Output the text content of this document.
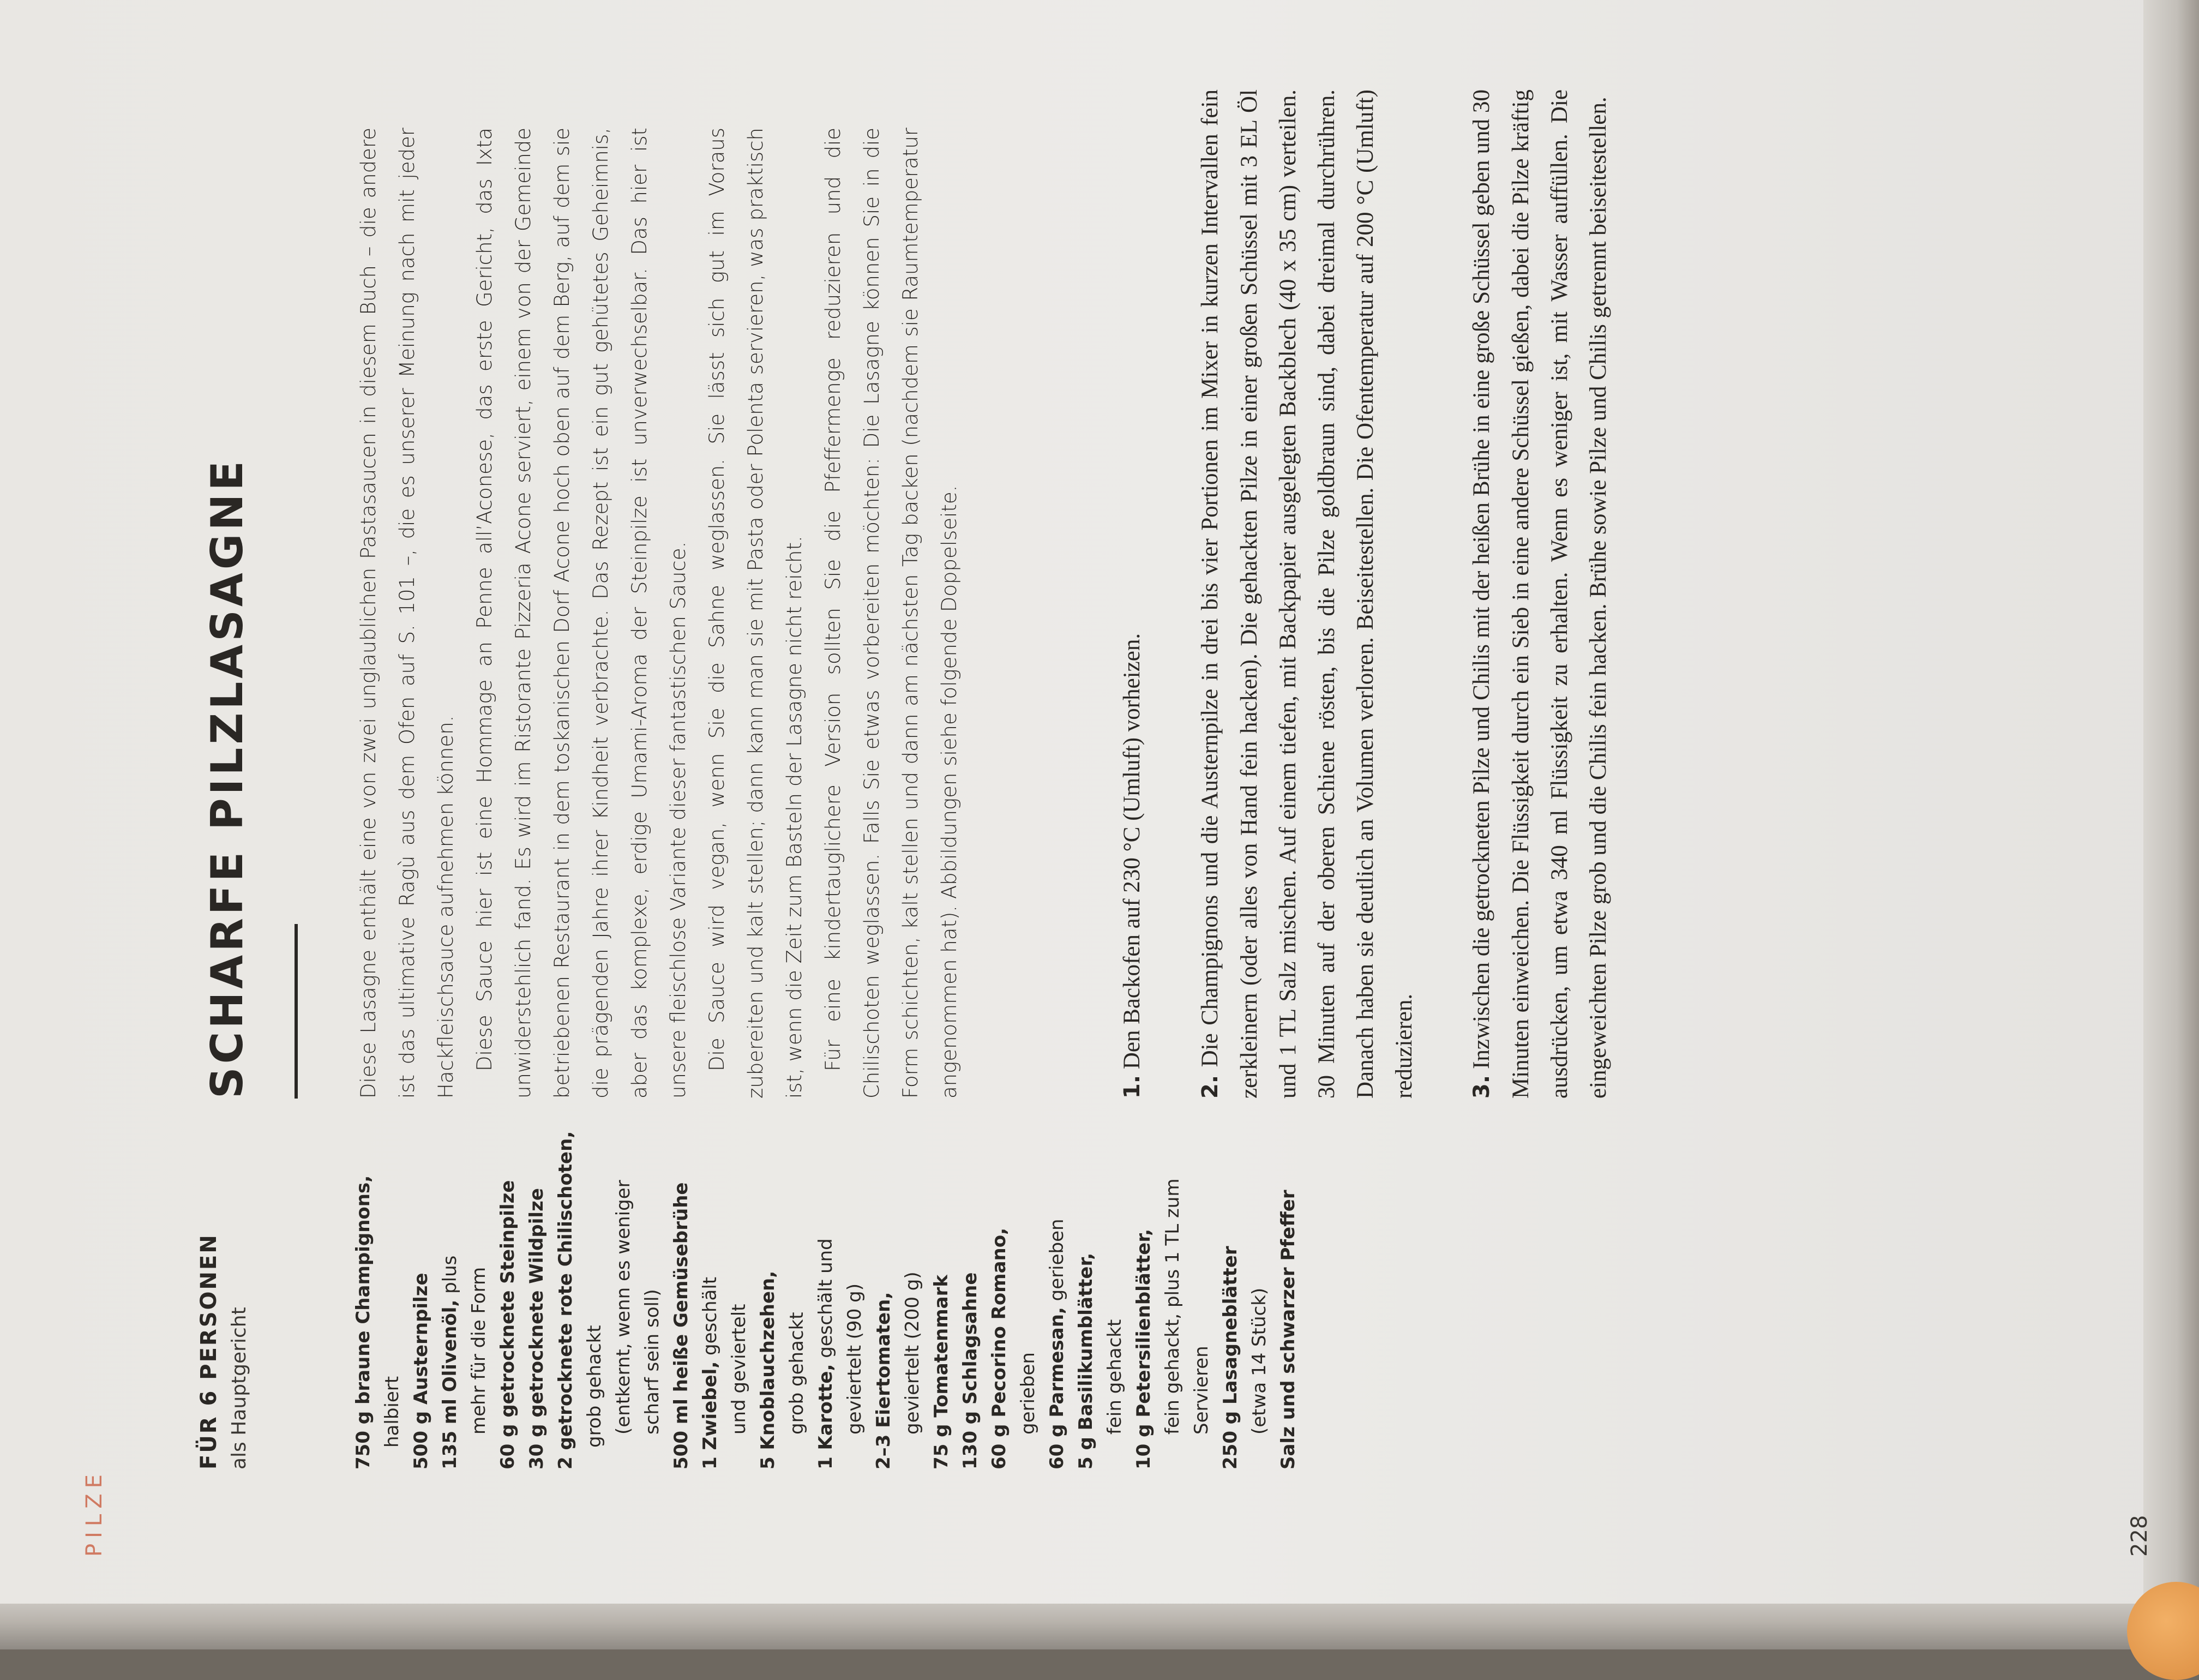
PILZE
FÜR 6 PERSONEN als Hauptgericht	750 g braune Champignons, halbiert 500 g Austernpilze 135 ml Olivenöl, plus mehr für die Form 60 g getrocknete Steinpilze 30 g getrocknete Wildpilze 2 getrocknete rote Chilischoten, grob gehackt (entkernt, wenn es weniger scharf sein soll) 500 ml heiße Gemüsebrühe 1 Zwiebel, geschält und geviertelt 5 Knoblauchzehen, grob gehackt 1 Karotte, geschält und geviertelt (90 g) 2–3 Eiertomaten, geviertelt (200 g) 75 g Tomatenmark 130 g Schlagsahne 60 g Pecorino Romano, gerieben 60 g Parmesan, gerieben 5 g Basilikumblätter, fein gehackt 10 g Petersilienblätter, fein gehackt, plus 1 TL zum Servieren 250 g Lasagneblätter (etwa 14 Stück) Salz und schwarzer Pfeffer

SCHARFE PILZLASAGNE	Diese Lasagne enthält eine von zwei unglaublichen Pastasaucen in diesem Buch – die andere ist das ultimative Ragù aus dem Ofen auf S. 101 –, die es unserer Meinung nach mit jeder Hackfleischsauce aufnehmen können. Diese Sauce hier ist eine Hommage an Penne all’Aconese, das erste Gericht, das Ixta unwiderstehlich fand. Es wird im Ristorante Pizzeria Acone serviert, einem von der Gemeinde betriebenen Restaurant in dem toskanischen Dorf Acone hoch oben auf dem Berg, auf dem sie die prägenden Jahre ihrer Kindheit verbrachte. Das Rezept ist ein gut gehütetes Geheimnis, aber das komplexe, erdige Umami-Aroma der Steinpilze ist unverwechselbar. Das hier ist unsere fleischlose Variante dieser fantastischen Sauce. Die Sauce wird vegan, wenn Sie die Sahne weglassen. Sie lässt sich gut im Voraus zubereiten und kalt stellen; dann kann man sie mit Pasta oder Polenta servieren, was praktisch ist, wenn die Zeit zum Basteln der Lasagne nicht reicht. Für eine kindertauglichere Version sollten Sie die Pfeffermenge reduzieren und die Chilischoten weglassen. Falls Sie etwas vorbereiten möchten: Die Lasagne können Sie in die Form schichten, kalt stellen und dann am nächsten Tag backen (nachdem sie Raumtemperatur angenommen hat). Abbildungen siehe folgende Doppelseite.	1. Den Backofen auf 230 °C (Umluft) vorheizen.

2. Die Champignons und die Austernpilze in drei bis vier Portionen im Mixer in kurzen Intervallen fein zerkleinern (oder alles von Hand fein hacken). Die gehackten Pilze in einer großen Schüssel mit 3 EL Öl und 1 TL Salz mischen. Auf einem tiefen, mit Backpapier ausgelegten Backblech (40 x 35 cm) verteilen. 30 Minuten auf der oberen Schiene rösten, bis die Pilze goldbraun sind, dabei dreimal durchrühren. Danach haben sie deutlich an Volumen verloren. Beiseitestellen. Die Ofentemperatur auf 200 °C (Umluft) reduzieren.	3. Inzwischen die getrockneten Pilze und Chilis mit der heißen Brühe in eine große Schüssel geben und 30 Minuten einweichen. Die Flüssigkeit durch ein Sieb in eine andere Schüssel gießen, dabei die Pilze kräftig ausdrücken, um etwa 340 ml Flüssigkeit zu erhalten. Wenn es weniger ist, mit Wasser auffüllen. Die eingeweichten Pilze grob und die Chilis fein hacken. Brühe sowie Pilze und Chilis getrennt beiseitestellen.

228
